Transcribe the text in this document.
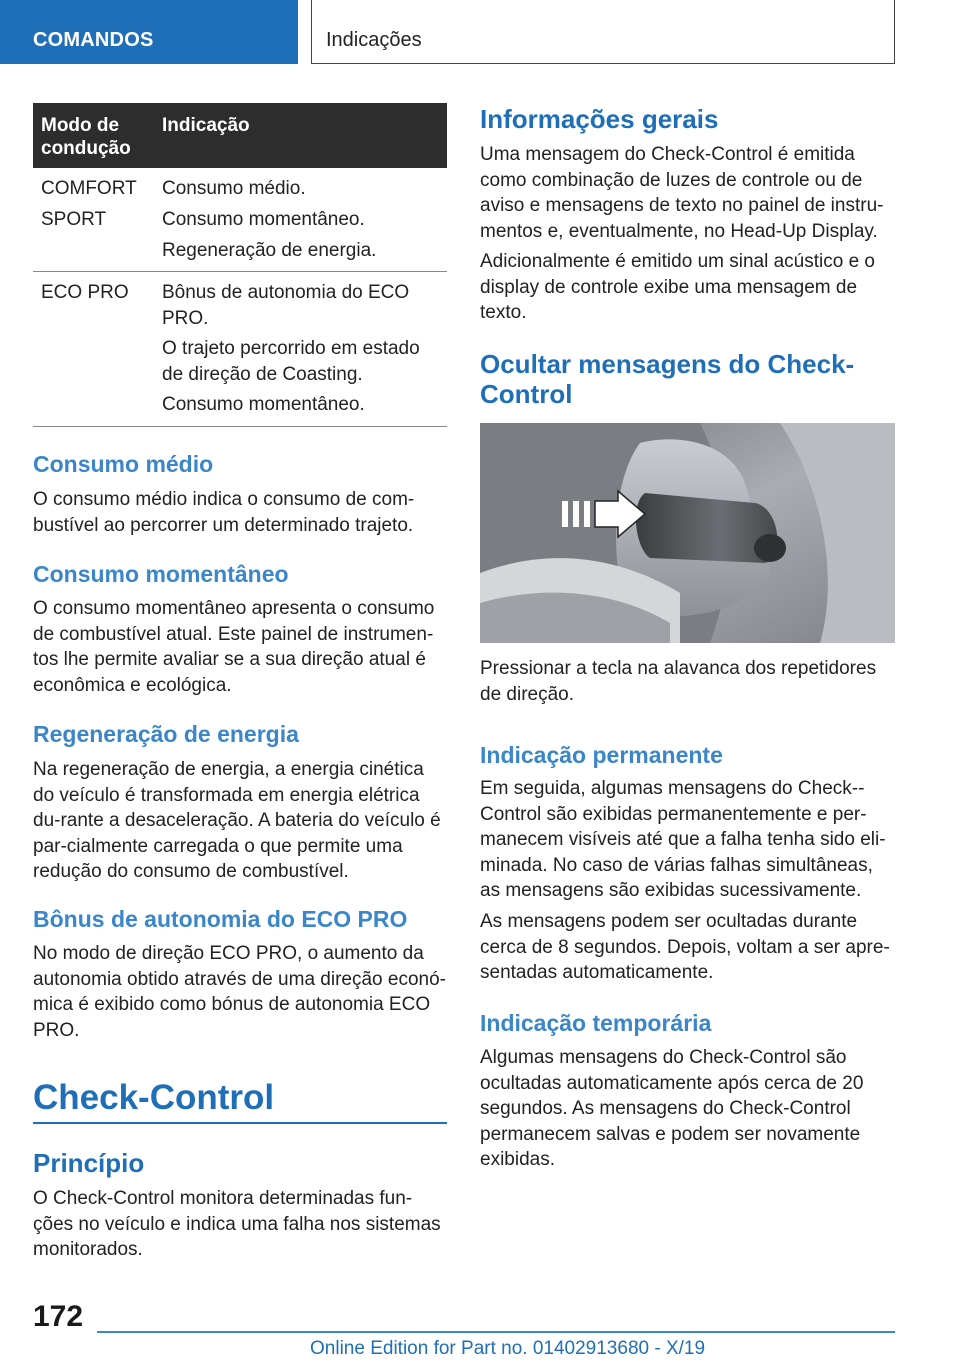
COMANDOS	Indicações
Modo de condução
Indicação
COMFORT
SPORT
Consumo médio.
Consumo momentâneo.
Regeneração de energia.
ECO PRO	Bônus de autonomia do ECO PRO.
O trajeto percorrido em estado de direção de Coasting.
Consumo momentâneo.
Consumo médio
O consumo médio indica o consumo de com-bustível ao percorrer um determinado trajeto.
Consumo momentâneo
O consumo momentâneo apresenta o consumo de combustível atual. Este painel de instrumen-tos lhe permite avaliar se a sua direção atual é econômica e ecológica.
Regeneração de energia
Na regeneração de energia, a energia cinética do veículo é transformada em energia elétrica du-rante a desaceleração. A bateria do veículo é par-cialmente carregada o que permite uma redução do consumo de combustível.
Bônus de autonomia do ECO PRO
No modo de direção ECO PRO, o aumento da autonomia obtido através de uma direção econó-mica é exibido como bónus de autonomia ECO PRO.
Check-Control
Princípio
O Check-Control monitora determinadas fun-ções no veículo e indica uma falha nos sistemas monitorados.
Informações gerais
Uma mensagem do Check-Control é emitida como combinação de luzes de controle ou de aviso e mensagens de texto no painel de instru-mentos e, eventualmente, no Head-Up Display.
Adicionalmente é emitido um sinal acústico e o display de controle exibe uma mensagem de texto.
Ocultar mensagens do Check-Control
Pressionar a tecla na alavanca dos repetidores de direção.
Indicação permanente
Em seguida, algumas mensagens do Check--Control são exibidas permanentemente e per-manecem visíveis até que a falha tenha sido eli-minada. No caso de várias falhas simultâneas, as mensagens são exibidas sucessivamente.
As mensagens podem ser ocultadas durante cerca de 8 segundos. Depois, voltam a ser apre-sentadas automaticamente.
Indicação temporária
Algumas mensagens do Check-Control são ocultadas automaticamente após cerca de 20 segundos. As mensagens do Check-Control permanecem salvas e podem ser novamente exibidas.
172
Online Edition for Part no. 01402913680 - X/19
